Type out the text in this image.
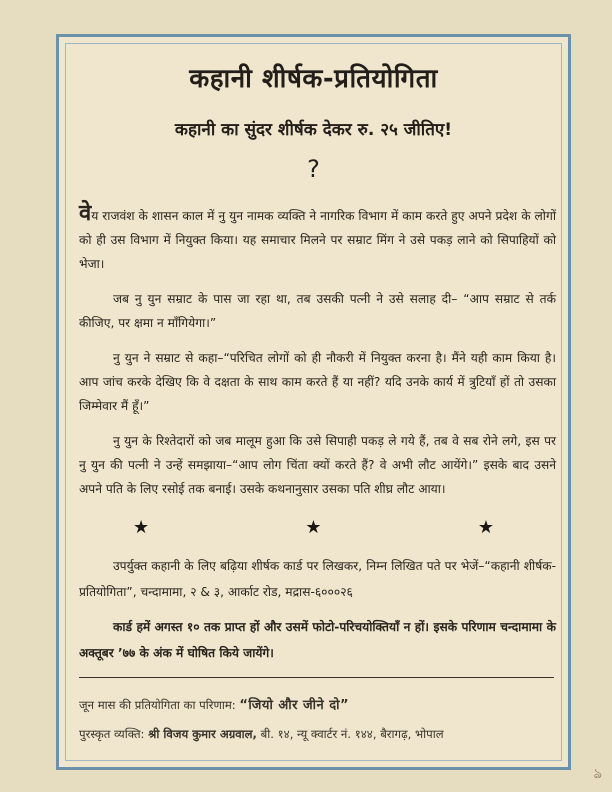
कहानी शीर्षक-प्रतियोगिता
कहानी का सुंदर शीर्षक देकर रु. २५ जीतिए!
?

वेय राजवंश के शासन काल में नु युन नामक व्यक्ति ने नागरिक विभाग में काम करते हुए अपने प्रदेश के लोगों को ही उस विभाग में नियुक्त किया। यह समाचार मिलने पर सम्राट मिंग ने उसे पकड़ लाने को सिपाहियों को भेजा।

जब नु युन सम्राट के पास जा रहा था, तब उसकी पत्नी ने उसे सलाह दी– “आप सम्राट से तर्क कीजिए, पर क्षमा न माँगियेगा।”

नु युन ने सम्राट से कहा–“परिचित लोगों को ही नौकरी में नियुक्त करना है। मैंने यही काम किया है। आप जांच करके देखिए कि वे दक्षता के साथ काम करते हैं या नहीं? यदि उनके कार्य में त्रुटियाँ हों तो उसका जिम्मेवार मैं हूँ।”

नु युन के रिश्तेदारों को जब मालूम हुआ कि उसे सिपाही पकड़ ले गये हैं, तब वे सब रोने लगे, इस पर नु युन की पत्नी ने उन्हें समझाया–“आप लोग चिंता क्यों करते हैं? वे अभी लौट आयेंगे।” इसके बाद उसने अपने पति के लिए रसोई तक बनाई। उसके कथनानुसार उसका पति शीघ्र लौट आया।

★	★	★

उपर्युक्त कहानी के लिए बढ़िया शीर्षक कार्ड पर लिखकर, निम्न लिखित पते पर भेजें–“कहानी शीर्षक-प्रतियोगिता”, चन्दामामा, २ & ३, आर्काट रोड, मद्रास-६०००२६

कार्ड हमें अगस्त १० तक प्राप्त हों और उसमें फोटो-परिचयोक्तियाँ न हों। इसके परिणाम चन्दामामा के अक्तूबर ’७७ के अंक में घोषित किये जायेंगे।

जून मास की प्रतियोगिता का परिणाम: “जियो और जीने दो”
पुरस्कृत व्यक्ति: श्री विजय कुमार अग्रवाल, बी. १४, न्यू क्वार्टर नं. १४४, बैरागढ़, भोपाल
ঌ
